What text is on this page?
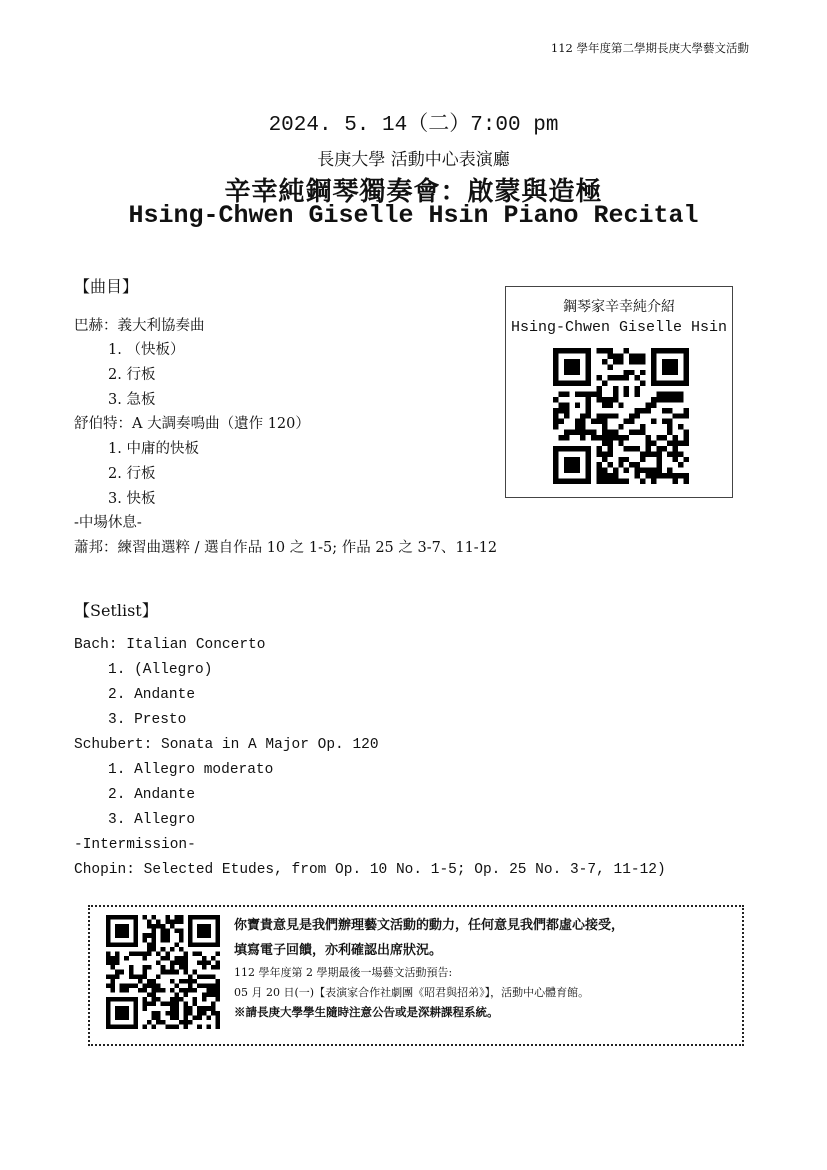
112 學年度第二學期長庚大學藝文活動
2024. 5. 14（二）7:00 pm
長庚大學 活動中心表演廳
辛幸純鋼琴獨奏會：啟蒙與造極
Hsing-Chwen Giselle Hsin Piano Recital
【曲目】
巴赫：義大利協奏曲
1. （快板）
2. 行板
3. 急板
舒伯特：A 大調奏鳴曲（遺作 120）
1. 中庸的快板
2. 行板
3. 快板
-中場休息-
蕭邦：練習曲選粹 / 選自作品 10 之 1-5; 作品 25 之 3-7、11-12
鋼琴家辛幸純介紹
Hsing-Chwen Giselle Hsin
【Setlist】
Bach: Italian Concerto
1. (Allegro)
2. Andante
3. Presto
Schubert: Sonata in A Major Op. 120
1. Allegro moderato
2. Andante
3. Allegro
-Intermission-
Chopin: Selected Etudes, from Op. 10 No. 1-5; Op. 25 No. 3-7, 11-12)
你寶貴意見是我們辦理藝文活動的動力，任何意見我們都虛心接受，
填寫電子回饋，亦利確認出席狀況。
112 學年度第 2 學期最後一場藝文活動預告:
05 月 20 日(一)【表演家合作社劇團《昭君與招弟》】，活動中心體育館。
※請長庚大學學生隨時注意公告或是深耕課程系統。
